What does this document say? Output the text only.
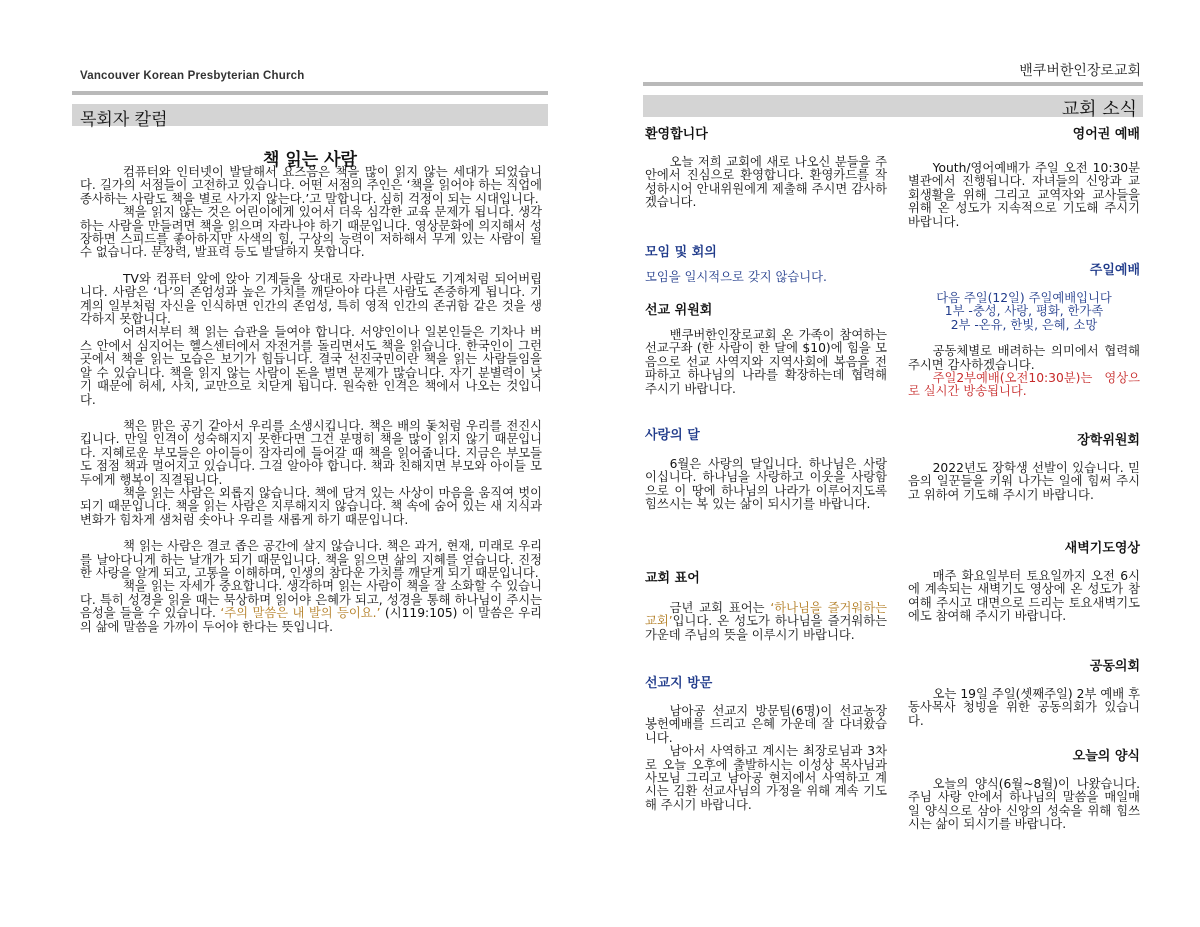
Vancouver Korean Presbyterian Church
목회자 칼럼
책 읽는 사람

컴퓨터와 인터넷이 발달해서 요즈음은 책을 많이 읽지 않는 세대가 되었습니다. 길가의 서점들이 고전하고 있습니다. 어떤 서점의 주인은 ‘책을 읽어야 하는 직업에 종사하는 사람도 책을 별로 사가지 않는다.’고 말합니다. 심히 걱정이 되는 시대입니다.

책을 읽지 않는 것은 어린이에게 있어서 더욱 심각한 교육 문제가 됩니다. 생각하는 사람을 만들려면 책을 읽으며 자라나야 하기 때문입니다. 영상문화에 의지해서 성장하면 스피드를 좋아하지만 사색의 힘, 구상의 능력이 저하해서 무게 있는 사람이 될 수 없습니다. 문장력, 발표력 등도 발달하지 못합니다.

TV와 컴퓨터 앞에 앉아 기계들을 상대로 자라나면 사람도 기계처럼 되어버립니다. 사람은 ‘나’의 존엄성과 높은 가치를 깨닫아야 다른 사람도 존중하게 됩니다. 기계의 일부처럼 자신을 인식하면 인간의 존엄성, 특히 영적 인간의 존귀함 같은 것을 생각하지 못합니다.

어려서부터 책 읽는 습관을 들여야 합니다. 서양인이나 일본인들은 기차나 버스 안에서 심지어는 헬스센터에서 자전거를 돌리면서도 책을 읽습니다. 한국인이 그런 곳에서 책을 읽는 모습은 보기가 힘듭니다. 결국 선진국민이란 책을 읽는 사람들임을 알 수 있습니다. 책을 읽지 않는 사람이 돈을 벌면 문제가 많습니다. 자기 분별력이 낮기 때문에 허세, 사치, 교만으로 치닫게 됩니다. 원숙한 인격은 책에서 나오는 것입니다.

책은 맑은 공기 같아서 우리를 소생시킵니다. 책은 배의 돛처럼 우리를 전진시킵니다. 만일 인격이 성숙해지지 못한다면 그건 분명히 책을 많이 읽지 않기 때문입니다. 지혜로운 부모들은 아이들이 잠자리에 들어갈 때 책을 읽어줍니다. 지금은 부모들도 점점 책과 멀어지고 있습니다. 그걸 알아야 합니다. 책과 친해지면 부모와 아이들 모두에게 행복이 직결됩니다.

책을 읽는 사람은 외롭지 않습니다. 책에 담겨 있는 사상이 마음을 움직여 벗이 되기 때문입니다. 책을 읽는 사람은 지루해지지 않습니다. 책 속에 숨어 있는 새 지식과 변화가 힘차게 샘처럼 솟아나 우리를 새롭게 하기 때문입니다.

책 읽는 사람은 결코 좁은 공간에 살지 않습니다. 책은 과거, 현재, 미래로 우리를 날아다니게 하는 날개가 되기 때문입니다. 책을 읽으면 삶의 지혜를 얻습니다. 진정한 사랑을 알게 되고, 고통을 이해하며, 인생의 참다운 가치를 깨닫게 되기 때문입니다.

책을 읽는 자세가 중요합니다. 생각하며 읽는 사람이 책을 잘 소화할 수 있습니다. 특히 성경을 읽을 때는 묵상하며 읽어야 은혜가 되고, 성경을 통해 하나님이 주시는 음성을 들을 수 있습니다. ‘주의 말씀은 내 발의 등이요.’ (시119:105) 이 말씀은 우리의 삶에 말씀을 가까이 두어야 한다는 뜻입니다.

밴쿠버한인장로교회
교회 소식
환영합니다

오늘 저희 교회에 새로 나오신 분들을 주 안에서 진심으로 환영합니다. 환영카드를 작성하시어 안내위원에게 제출해 주시면 감사하겠습니다.

모임 및 회의

모임을 일시적으로 갖지 않습니다.

선교 위원회

밴쿠버한인장로교회 온 가족이 참여하는 선교구좌 (한 사람이 한 달에 $10)에 힘을 모음으로 선교 사역지와 지역사회에 복음을 전파하고 하나님의 나라를 확장하는데 협력해 주시기 바랍니다.

사랑의 달

6월은 사랑의 달입니다. 하나님은 사랑이십니다. 하나님을 사랑하고 이웃을 사랑함으로 이 땅에 하나님의 나라가 이루어지도록 힘쓰시는 복 있는 삶이 되시기를 바랍니다.

교회 표어

금년 교회 표어는 ‘하나님을 즐거워하는 교회’입니다. 온 성도가 하나님을 즐거워하는 가운데 주님의 뜻을 이루시기 바랍니다.

선교지 방문

남아공 선교지 방문팀(6명)이 선교농장 봉헌예배를 드리고 은혜 가운데 잘 다녀왔습니다.

남아서 사역하고 계시는 최장로님과 3차로 오늘 오후에 출발하시는 이성상 목사님과 사모님 그리고 남아공 현지에서 사역하고 계시는 김환 선교사님의 가정을 위해 계속 기도해 주시기 바랍니다.

영어권 예배

Youth/영어예배가 주일 오전 10:30분 별관에서 진행됩니다. 자녀들의 신앙과 교회생활을 위해 그리고 교역자와 교사들을 위해 온 성도가 지속적으로 기도해 주시기 바랍니다.

주일예배
다음 주일(12일) 주일예배입니다
1부 -충성, 사랑, 평화, 한가족
2부 -온유, 한빛, 은혜, 소망

공동체별로 배려하는 의미에서 협력해 주시면 감사하겠습니다.

주일2부예배(오전10:30분)는 영상으로 실시간 방송됩니다.

장학위원회

2022년도 장학생 선발이 있습니다. 믿음의 일꾼들을 키워 나가는 일에 힘써 주시고 위하여 기도해 주시기 바랍니다.

새벽기도영상

매주 화요일부터 토요일까지 오전 6시에 계속되는 새벽기도 영상에 온 성도가 참여해 주시고 대면으로 드리는 토요새벽기도에도 참여해 주시기 바랍니다.

공동의회

오는 19일 주일(셋째주일) 2부 예배 후 동사목사 청빙을 위한 공동의회가 있습니다.

오늘의 양식

오늘의 양식(6월~8월)이 나왔습니다. 주님 사랑 안에서 하나님의 말씀을 매일매일 양식으로 삼아 신앙의 성숙을 위해 힘쓰시는 삶이 되시기를 바랍니다.
